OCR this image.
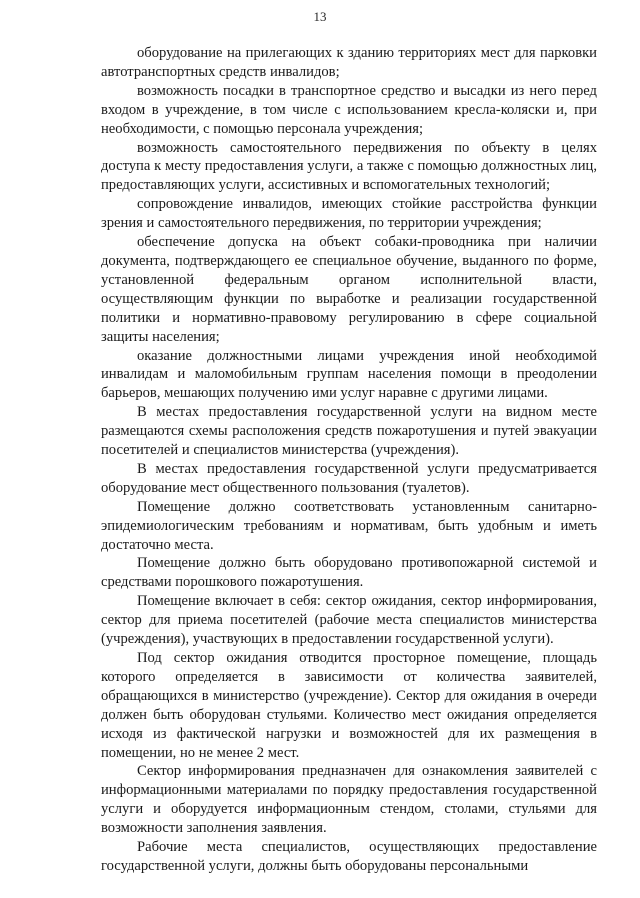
13

оборудование на прилегающих к зданию территориях мест для парковки автотранспортных средств инвалидов;

возможность посадки в транспортное средство и высадки из него перед входом в учреждение, в том числе с использованием кресла-коляски и, при необходимости, с помощью персонала учреждения;

возможность самостоятельного передвижения по объекту в целях доступа к месту предоставления услуги, а также с помощью должностных лиц, предоставляющих услуги, ассистивных и вспомогательных технологий;

сопровождение инвалидов, имеющих стойкие расстройства функции зрения и самостоятельного передвижения, по территории учреждения;

обеспечение допуска на объект собаки-проводника при наличии документа, подтверждающего ее специальное обучение, выданного по форме, установленной федеральным органом исполнительной власти, осуществляющим функции по выработке и реализации государственной политики и нормативно-правовому регулированию в сфере социальной защиты населения;

оказание должностными лицами учреждения иной необходимой инвалидам и маломобильным группам населения помощи в преодолении барьеров, мешающих получению ими услуг наравне с другими лицами.

В местах предоставления государственной услуги на видном месте размещаются схемы расположения средств пожаротушения и путей эвакуации посетителей и специалистов министерства (учреждения).

В местах предоставления государственной услуги предусматривается оборудование мест общественного пользования (туалетов).

Помещение должно соответствовать установленным санитарно-эпидемиологическим требованиям и нормативам, быть удобным и иметь достаточно места.

Помещение должно быть оборудовано противопожарной системой и средствами порошкового пожаротушения.

Помещение включает в себя: сектор ожидания, сектор информирования, сектор для приема посетителей (рабочие места специалистов министерства (учреждения), участвующих в предоставлении государственной услуги).

Под сектор ожидания отводится просторное помещение, площадь которого определяется в зависимости от количества заявителей, обращающихся в министерство (учреждение). Сектор для ожидания в очереди должен быть оборудован стульями. Количество мест ожидания определяется исходя из фактической нагрузки и возможностей для их размещения в помещении, но не менее 2 мест.

Сектор информирования предназначен для ознакомления заявителей с информационными материалами по порядку предоставления государственной услуги и оборудуется информационным стендом, столами, стульями для возможности заполнения заявления.

Рабочие места специалистов, осуществляющих предоставление государственной услуги, должны быть оборудованы персональными
